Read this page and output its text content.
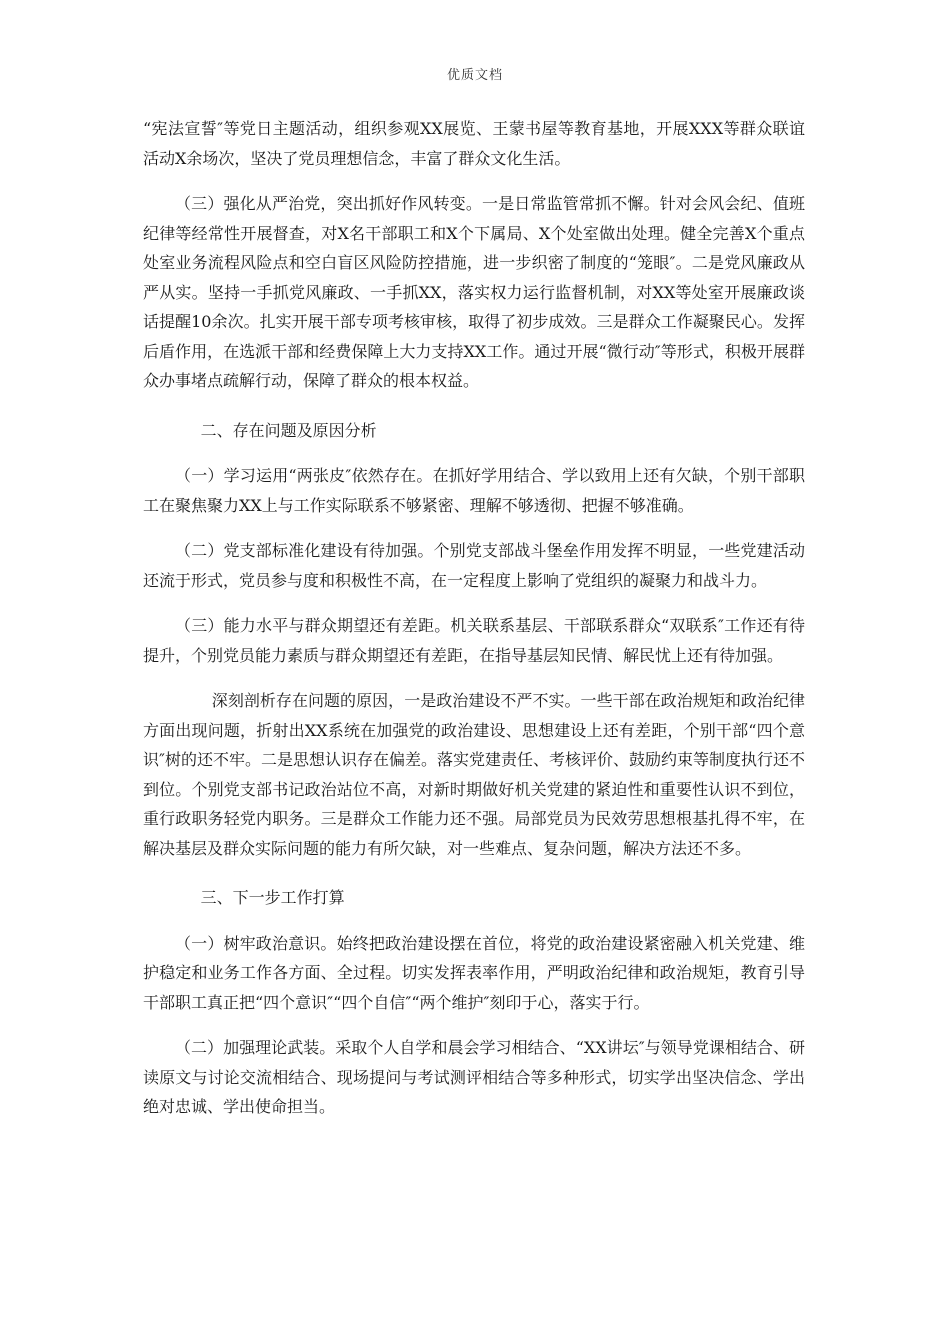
优质文档

“宪法宣誓″等党日主题活动，组织参观XX展览、王蒙书屋等教育基地，开展XXX等群众联谊活动X余场次，坚决了党员理想信念，丰富了群众文化生活。

（三）强化从严治党，突出抓好作风转变。一是日常监管常抓不懈。针对会风会纪、值班纪律等经常性开展督查，对X名干部职工和X个下属局、X个处室做出处理。健全完善X个重点处室业务流程风险点和空白盲区风险防控措施，进一步织密了制度的“笼眼″。二是党风廉政从严从实。坚持一手抓党风廉政、一手抓XX，落实权力运行监督机制，对XX等处室开展廉政谈话提醒10余次。扎实开展干部专项考核审核，取得了初步成效。三是群众工作凝聚民心。发挥后盾作用，在选派干部和经费保障上大力支持XX工作。通过开展“微行动″等形式，积极开展群众办事堵点疏解行动，保障了群众的根本权益。

二、存在问题及原因分析

（一）学习运用“两张皮″依然存在。在抓好学用结合、学以致用上还有欠缺，个别干部职工在聚焦聚力XX上与工作实际联系不够紧密、理解不够透彻、把握不够准确。

（二）党支部标准化建设有待加强。个别党支部战斗堡垒作用发挥不明显，一些党建活动还流于形式，党员参与度和积极性不高，在一定程度上影响了党组织的凝聚力和战斗力。

（三）能力水平与群众期望还有差距。机关联系基层、干部联系群众“双联系″工作还有待提升，个别党员能力素质与群众期望还有差距，在指导基层知民情、解民忧上还有待加强。

深刻剖析存在问题的原因，一是政治建设不严不实。一些干部在政治规矩和政治纪律方面出现问题，折射出XX系统在加强党的政治建设、思想建设上还有差距，个别干部“四个意识″树的还不牢。二是思想认识存在偏差。落实党建责任、考核评价、鼓励约束等制度执行还不到位。个别党支部书记政治站位不高，对新时期做好机关党建的紧迫性和重要性认识不到位，重行政职务轻党内职务。三是群众工作能力还不强。局部党员为民效劳思想根基扎得不牢，在解决基层及群众实际问题的能力有所欠缺，对一些难点、复杂问题，解决方法还不多。

三、下一步工作打算

（一）树牢政治意识。始终把政治建设摆在首位，将党的政治建设紧密融入机关党建、维护稳定和业务工作各方面、全过程。切实发挥表率作用，严明政治纪律和政治规矩，教育引导干部职工真正把“四个意识″“四个自信″“两个维护″刻印于心，落实于行。

（二）加强理论武装。采取个人自学和晨会学习相结合、“XX讲坛″与领导党课相结合、研读原文与讨论交流相结合、现场提问与考试测评相结合等多种形式，切实学出坚决信念、学出绝对忠诚、学出使命担当。
